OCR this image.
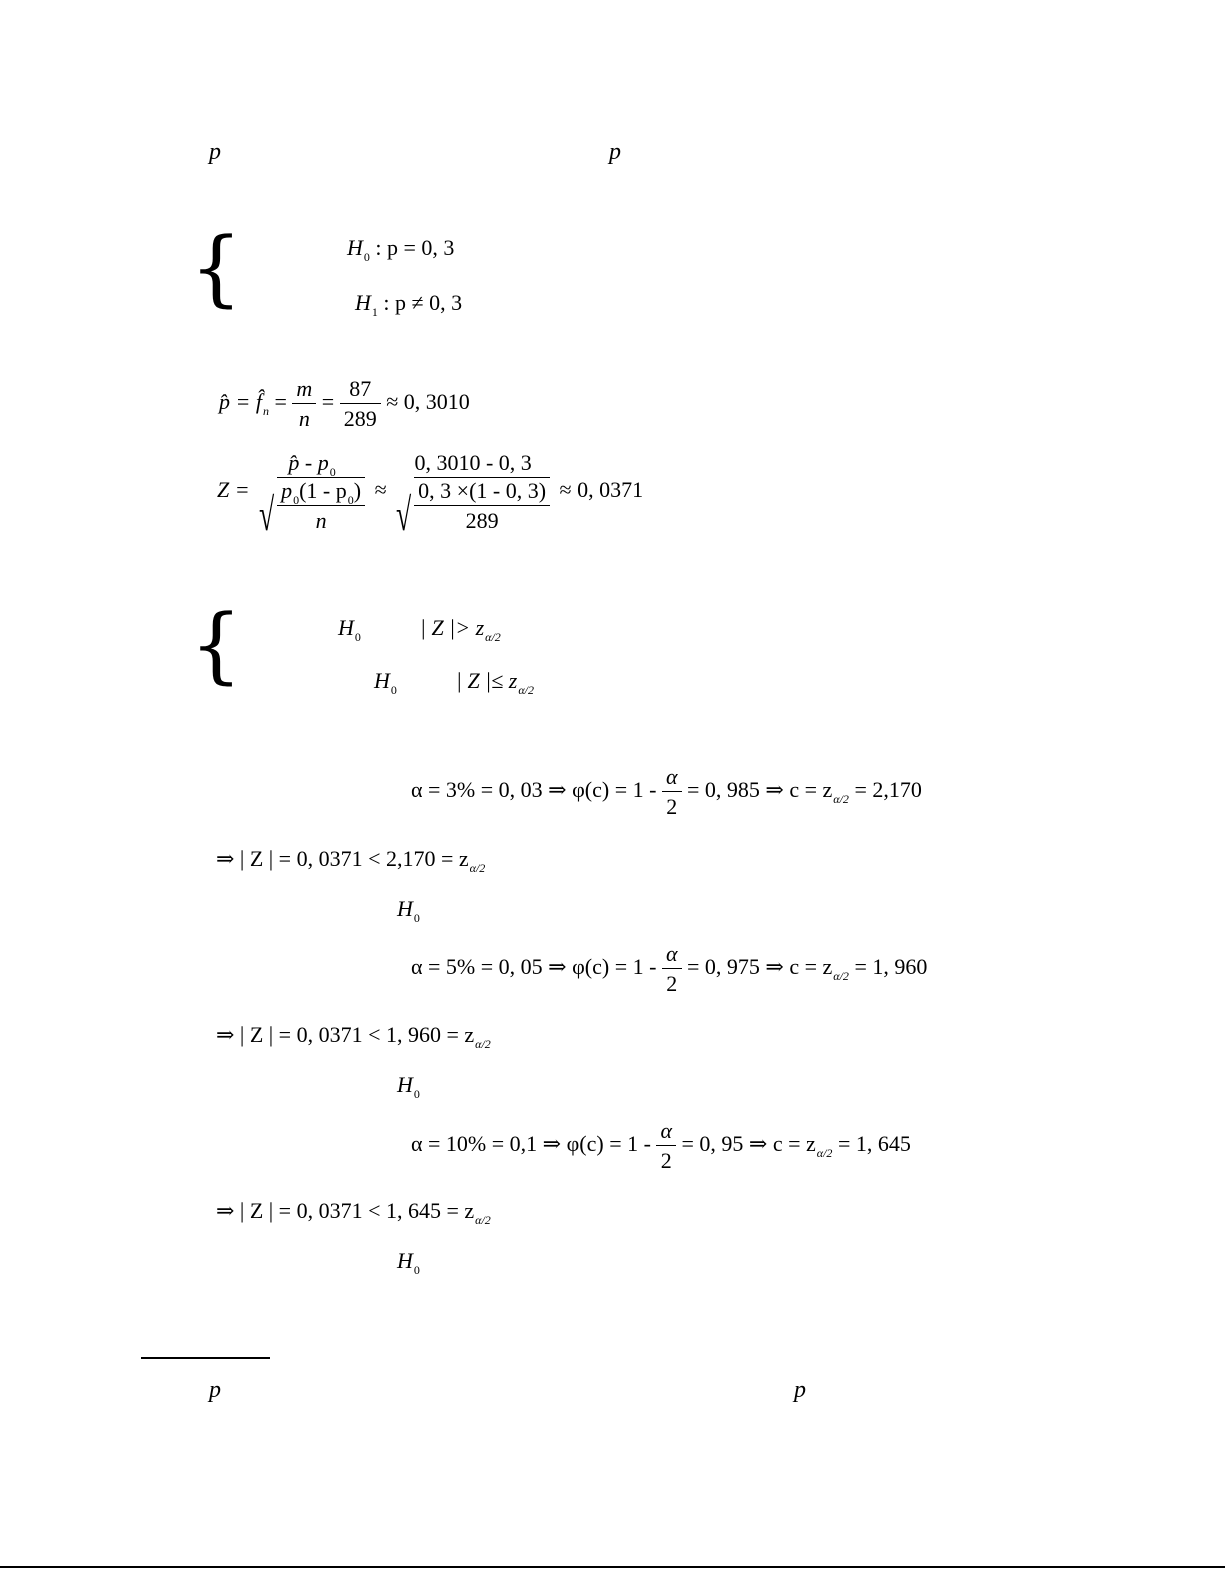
p	p
{	$H_0$ : p = 0, 3
$H_1$ : p ≠ 0, 3
p̂ = $f̂_n = \frac{m}{n} = \frac{87}{289} \approx 0$, 3010
Z =
p̂ - $p_0$
√ $\frac{p_0(1 - p_0)}{n}$ ≈
0, 3010 - 0, 3
√ $\frac{0, 3 \times(1 - 0, 3)}{289} \approx 0$, 0371
{	$H_0$	| Z |> $z_{\alpha/2}$
$H_0$	| Z |≤ $z_{\alpha/2}$
α = 3% = 0, 03 ⇒ $\varphi(c) = 1 - \frac{\alpha}{2} = 0$, 985 ⇒ $c = z_{\alpha/2} = 2,170$
⇒ | Z | = 0, $0371 < 2,170 = z_{\alpha/2}$
$H_0$
α = 5% = 0, 05 ⇒ $\varphi(c) = 1 - \frac{\alpha}{2} = 0$, 975 ⇒ $c = z_{\alpha/2} = 1$, 960
⇒ | Z | = 0, 0371 < 1, $960 = z_{\alpha/2}$
$H_0$
α = 10% = 0,1 ⇒ $\varphi(c) = 1 - \frac{\alpha}{2} = 0$, 95 ⇒ $c = z_{\alpha/2} = 1$, 645
⇒ | Z | = 0, 0371 < 1, $645 = z_{\alpha/2}$
$H_0$
p	p
